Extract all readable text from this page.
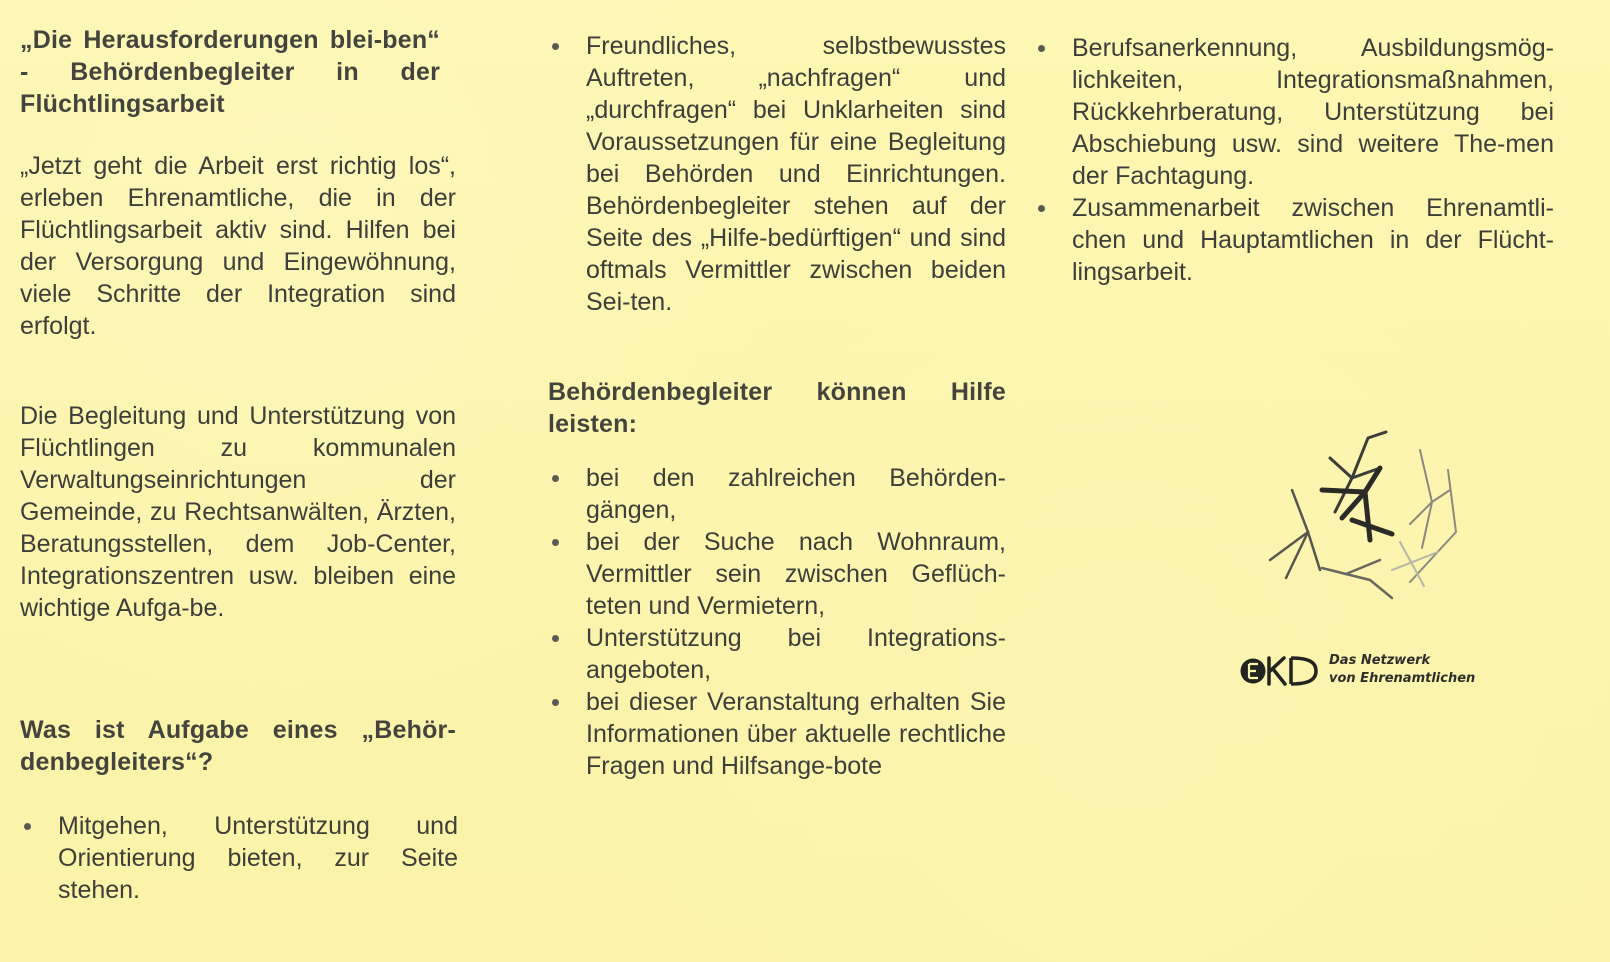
„Die Herausforderungen blei-ben“ - Behördenbegleiter in der Flüchtlingsarbeit

„Jetzt geht die Arbeit erst richtig los“, erleben Ehrenamtliche, die in der Flüchtlingsarbeit aktiv sind. Hilfen bei der Versorgung und Eingewöhnung, viele Schritte der Integration sind erfolgt.

Die Begleitung und Unterstützung von Flüchtlingen zu kommunalen Verwaltungseinrichtungen der Gemeinde, zu Rechtsanwälten, Ärzten, Beratungsstellen, dem Job-Center, Integrationszentren usw. bleiben eine wichtige Aufga-be.

Was ist Aufgabe eines „Behör-denbegleiters“?
Mitgehen, Unterstützung und Orientierung bieten, zur Seite stehen.
Freundliches, selbstbewusstes Auftreten, „nachfragen“ und „durchfragen“ bei Unklarheiten sind Voraussetzungen für eine Begleitung bei Behörden und Einrichtungen. Behördenbegleiter stehen auf der Seite des „Hilfe-bedürftigen“ und sind oftmals Vermittler zwischen beiden Sei-ten.
Behördenbegleiter können Hilfe leisten:
bei den zahlreichen Behörden-gängen,
bei der Suche nach Wohnraum, Vermittler sein zwischen Geflüch-teten und Vermietern,
Unterstützung bei Integrations-angeboten,
bei dieser Veranstaltung erhalten Sie Informationen über aktuelle rechtliche Fragen und Hilfsange-bote
Berufsanerkennung, Ausbildungsmög-lichkeiten, Integrationsmaßnahmen, Rückkehrberatung, Unterstützung bei Abschiebung usw. sind weitere The-men der Fachtagung.
Zusammenarbeit zwischen Ehrenamtli-chen und Hauptamtlichen in der Flücht-lingsarbeit.
Das Netzwerk
von Ehrenamtlichen
